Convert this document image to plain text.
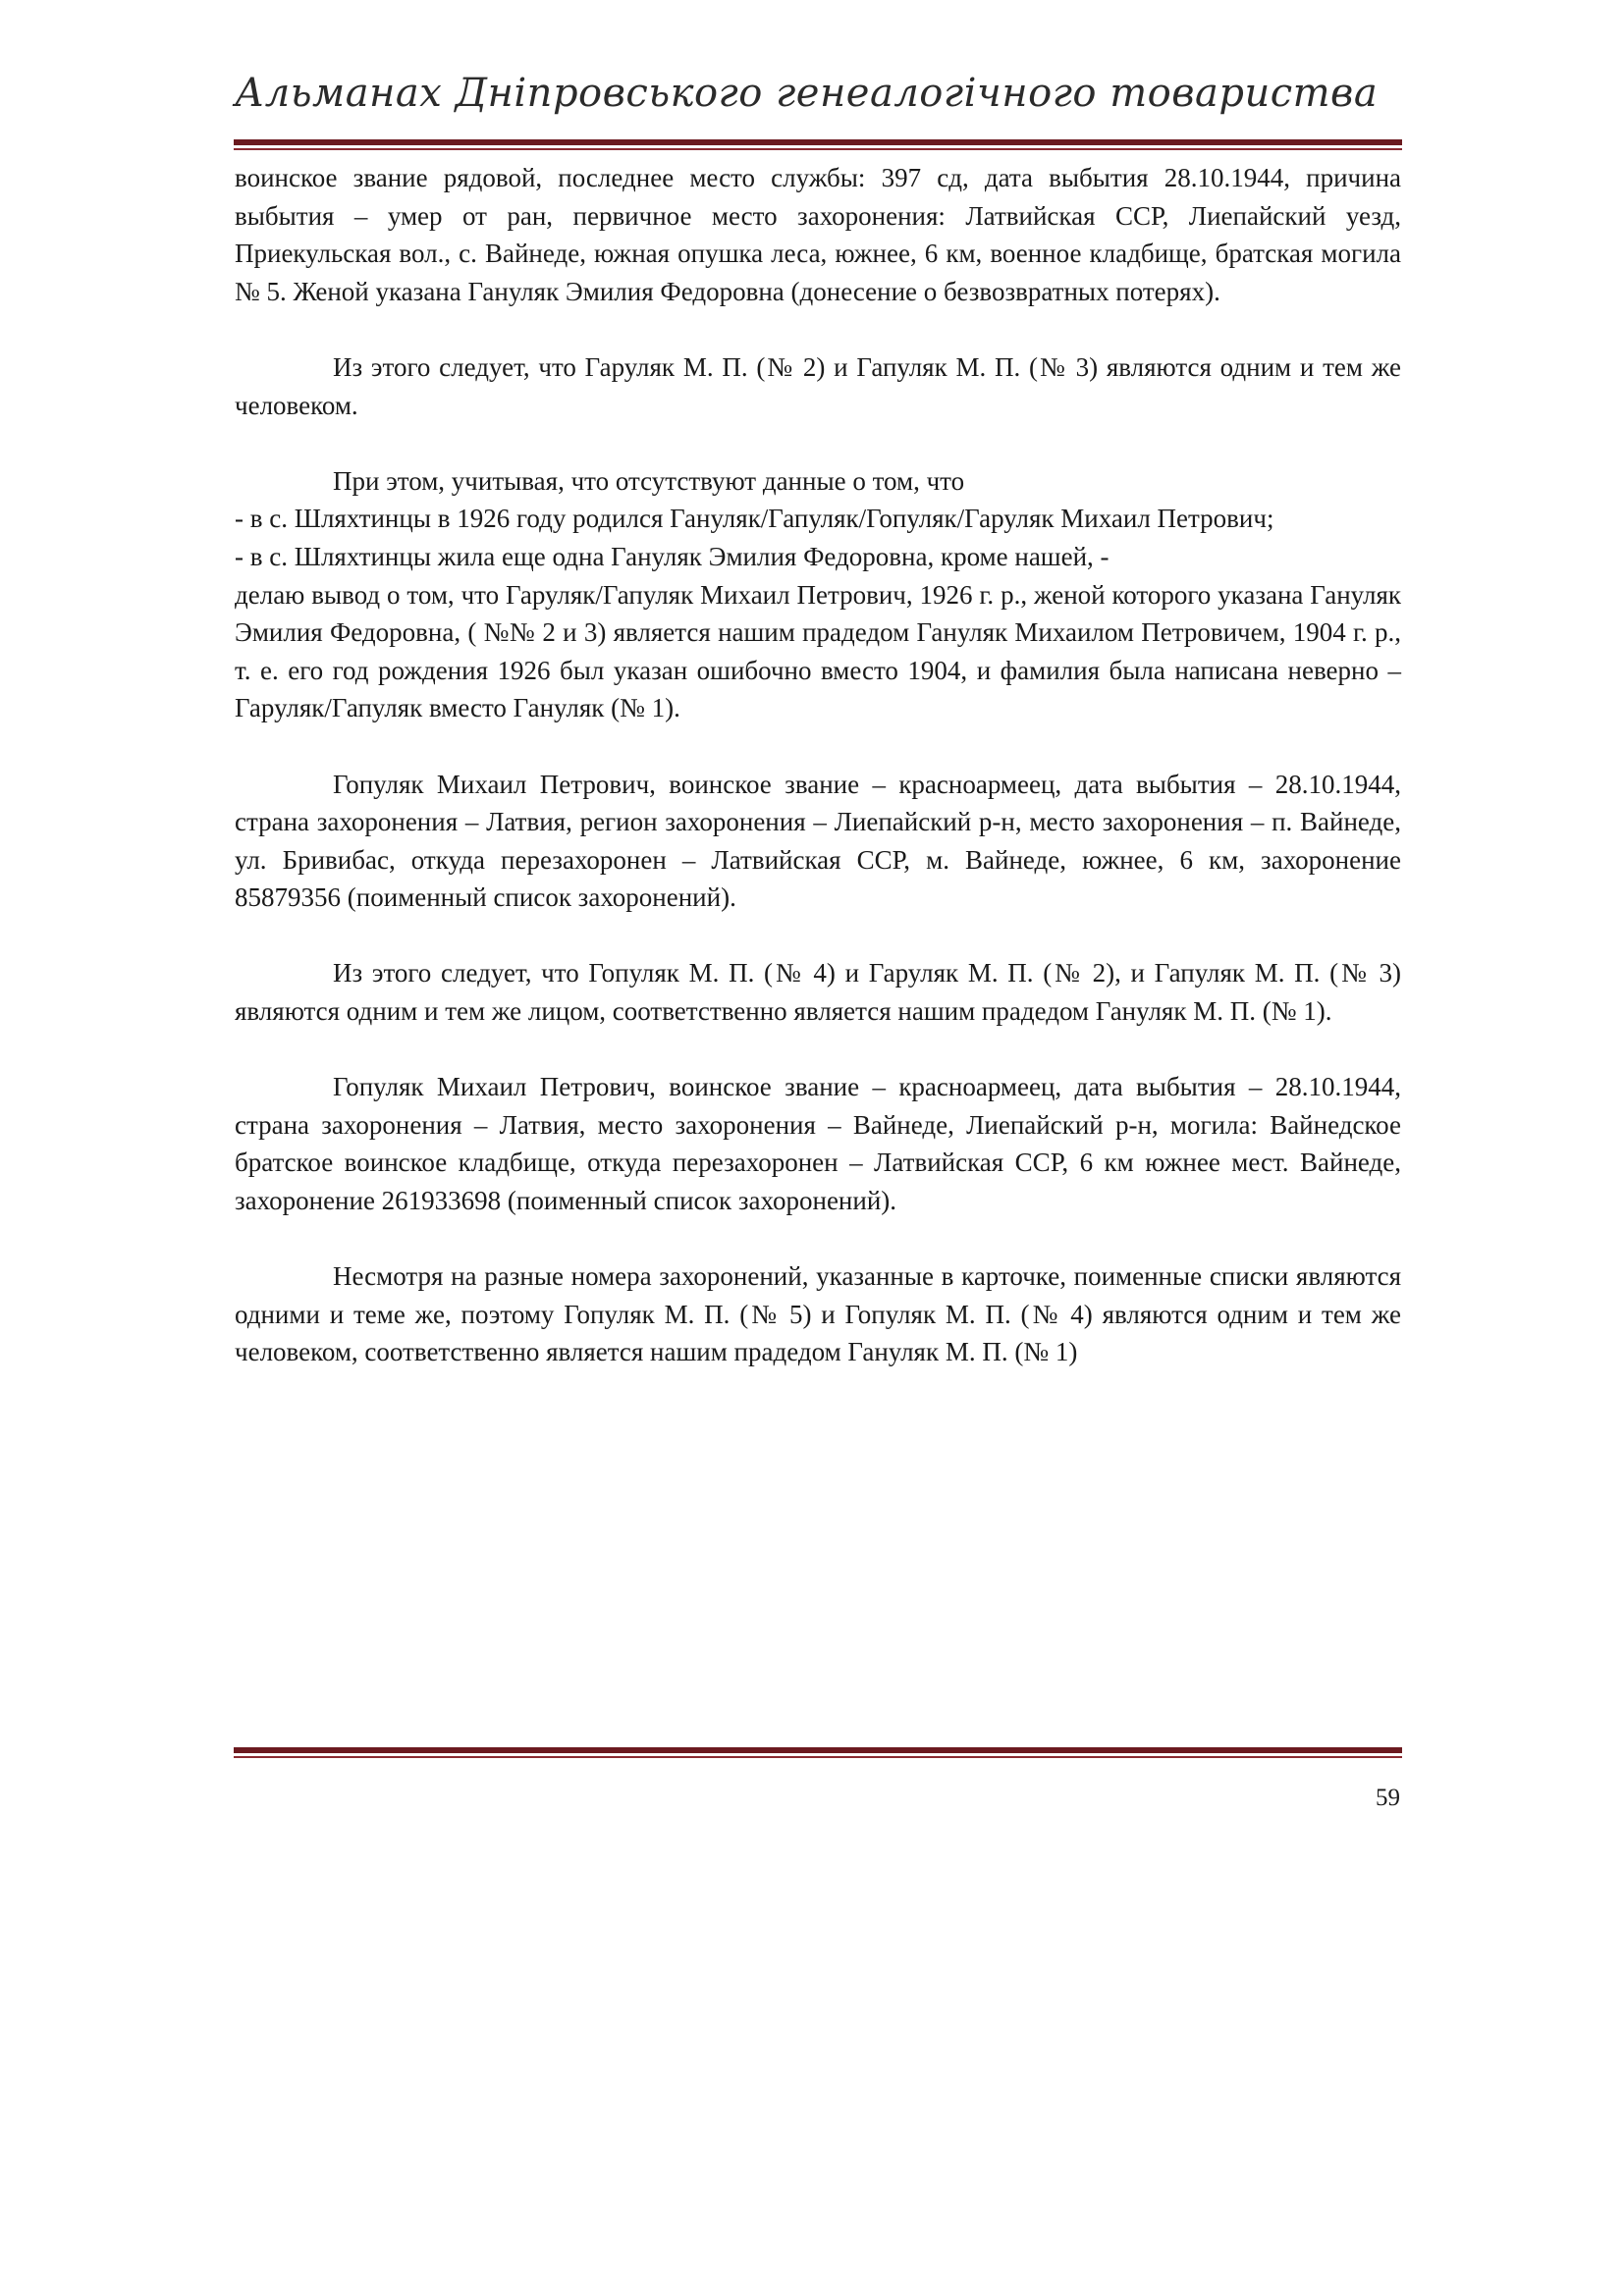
Альманах Дніпровського генеалогічного товариства

воинское звание рядовой, последнее место службы: 397 сд, дата выбытия 28.10.1944, причина выбытия – умер от ран, первичное место захоронения: Латвийская ССР, Лиепайский уезд, Приекульская вол., с. Вайнеде, южная опушка леса, южнее, 6 км, военное кладбище, братская могила № 5. Женой указана Гануляк Эмилия Федоровна (донесение о безвозвратных потерях).

Из этого следует, что Гаруляк М. П. (№ 2) и Гапуляк М. П. (№ 3) являются одним и тем же человеком.

При этом, учитывая, что отсутствуют данные о том, что

- в с. Шляхтинцы в 1926 году родился Гануляк/Гапуляк/Гопуляк/Гаруляк Михаил Петрович;

- в с. Шляхтинцы жила еще одна Гануляк Эмилия Федоровна, кроме нашей, -

делаю вывод о том, что Гаруляк/Гапуляк Михаил Петрович, 1926 г. р., женой которого указана Гануляк Эмилия Федоровна, ( №№ 2 и 3) является нашим прадедом Гануляк Михаилом Петровичем, 1904 г. р., т. е. его год рождения 1926 был указан ошибочно вместо 1904, и фамилия была написана неверно – Гаруляк/Гапуляк вместо Гануляк (№ 1).

Гопуляк Михаил Петрович, воинское звание – красноармеец, дата выбытия – 28.10.1944, страна захоронения – Латвия, регион захоронения – Лиепайский р-н, место захоронения – п. Вайнеде, ул. Бривибас, откуда перезахоронен – Латвийская ССР, м. Вайнеде, южнее, 6 км, захоронение 85879356 (поименный список захоронений).

Из этого следует, что Гопуляк М. П. (№ 4) и Гаруляк М. П. (№ 2), и Гапуляк М. П. (№ 3) являются одним и тем же лицом, соответственно является нашим прадедом Гануляк М. П. (№ 1).

Гопуляк Михаил Петрович, воинское звание – красноармеец, дата выбытия – 28.10.1944, страна захоронения – Латвия, место захоронения – Вайнеде, Лиепайский р-н, могила: Вайнедское братское воинское кладбище, откуда перезахоронен – Латвийская ССР, 6 км южнее мест. Вайнеде, захоронение 261933698 (поименный список захоронений).

Несмотря на разные номера захоронений, указанные в карточке, поименные списки являются одними и теме же, поэтому Гопуляк М. П. (№ 5) и Гопуляк М. П. (№ 4) являются одним и тем же человеком, соответственно является нашим прадедом Гануляк М. П. (№ 1)

59
